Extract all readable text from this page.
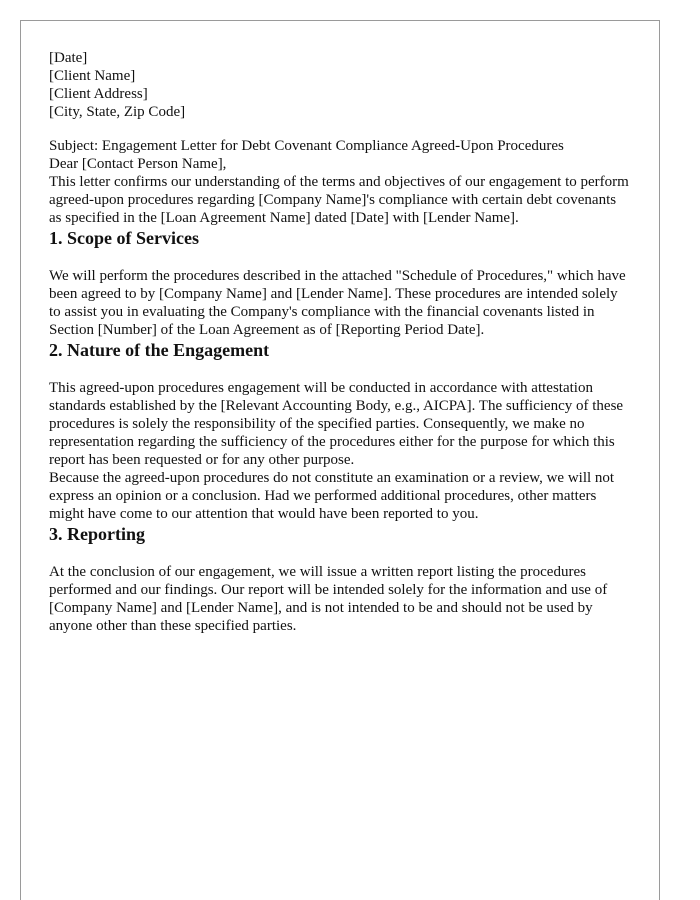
[Date]

[Client Name]
[Client Address]
[City, State, Zip Code]

Subject: Engagement Letter for Debt Covenant Compliance Agreed-Upon Procedures

Dear [Contact Person Name],

This letter confirms our understanding of the terms and objectives of our engagement to perform agreed-upon procedures regarding [Company Name]'s compliance with certain debt covenants as specified in the [Loan Agreement Name] dated [Date] with [Lender Name].

1. Scope of Services

We will perform the procedures described in the attached "Schedule of Procedures," which have been agreed to by [Company Name] and [Lender Name]. These procedures are intended solely to assist you in evaluating the Company's compliance with the financial covenants listed in Section [Number] of the Loan Agreement as of [Reporting Period Date].

2. Nature of the Engagement

This agreed-upon procedures engagement will be conducted in accordance with attestation standards established by the [Relevant Accounting Body, e.g., AICPA]. The sufficiency of these procedures is solely the responsibility of the specified parties. Consequently, we make no representation regarding the sufficiency of the procedures either for the purpose for which this report has been requested or for any other purpose.

Because the agreed-upon procedures do not constitute an examination or a review, we will not express an opinion or a conclusion. Had we performed additional procedures, other matters might have come to our attention that would have been reported to you.

3. Reporting

At the conclusion of our engagement, we will issue a written report listing the procedures performed and our findings. Our report will be intended solely for the information and use of [Company Name] and [Lender Name], and is not intended to be and should not be used by anyone other than these specified parties.
